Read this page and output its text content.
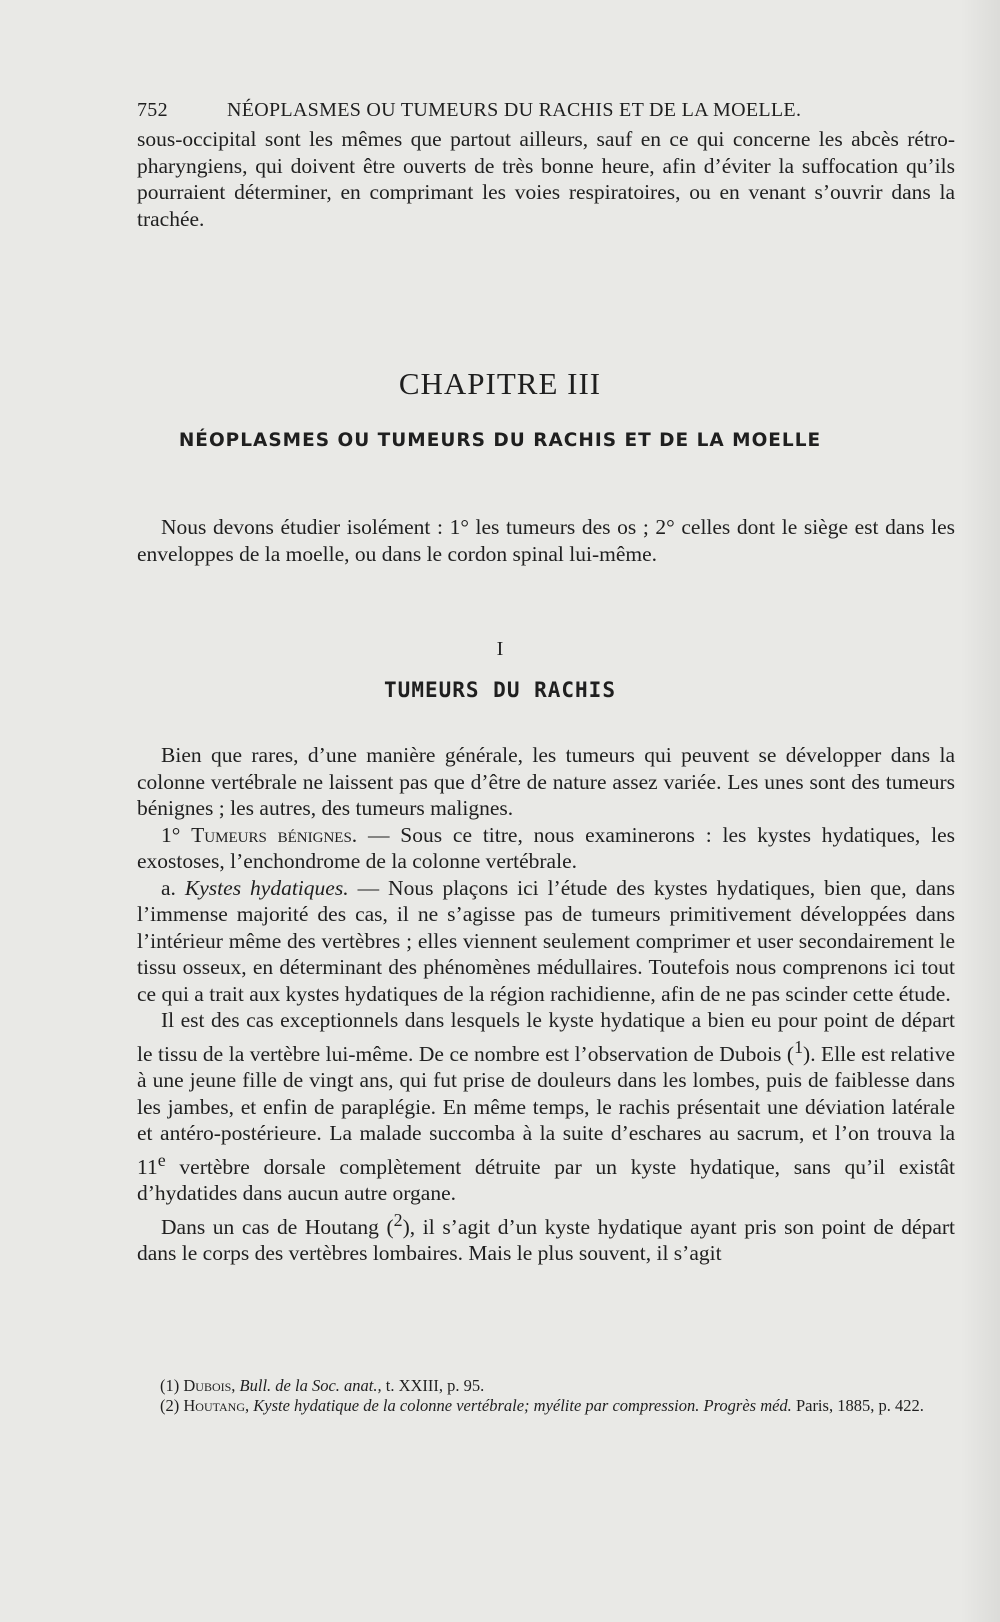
752	NÉOPLASMES OU TUMEURS DU RACHIS ET DE LA MOELLE.

sous-occipital sont les mêmes que partout ailleurs, sauf en ce qui concerne les abcès rétro-pharyngiens, qui doivent être ouverts de très bonne heure, afin d’éviter la suffocation qu’ils pourraient déterminer, en comprimant les voies respiratoires, ou en venant s’ouvrir dans la trachée.

CHAPITRE III
NÉOPLASMES OU TUMEURS DU RACHIS ET DE LA MOELLE

Nous devons étudier isolément : 1° les tumeurs des os ; 2° celles dont le siège est dans les enveloppes de la moelle, ou dans le cordon spinal lui-même.

I
TUMEURS DU RACHIS

Bien que rares, d’une manière générale, les tumeurs qui peuvent se développer dans la colonne vertébrale ne laissent pas que d’être de nature assez variée. Les unes sont des tumeurs bénignes ; les autres, des tumeurs malignes.

1° Tumeurs bénignes. — Sous ce titre, nous examinerons : les kystes hydatiques, les exostoses, l’enchondrome de la colonne vertébrale.

a. Kystes hydatiques. — Nous plaçons ici l’étude des kystes hydatiques, bien que, dans l’immense majorité des cas, il ne s’agisse pas de tumeurs primitivement développées dans l’intérieur même des vertèbres ; elles viennent seulement comprimer et user secondairement le tissu osseux, en déterminant des phénomènes médullaires. Toutefois nous comprenons ici tout ce qui a trait aux kystes hydatiques de la région rachidienne, afin de ne pas scinder cette étude.

Il est des cas exceptionnels dans lesquels le kyste hydatique a bien eu pour point de départ le tissu de la vertèbre lui-même. De ce nombre est l’observation de Dubois ($^1$). Elle est relative à une jeune fille de vingt ans, qui fut prise de douleurs dans les lombes, puis de faiblesse dans les jambes, et enfin de paraplégie. En même temps, le rachis présentait une déviation latérale et antéro-postérieure. La malade succomba à la suite d’eschares au sacrum, et l’on trouva la 11e vertèbre dorsale complètement détruite par un kyste hydatique, sans qu’il existât d’hydatides dans aucun autre organe.

Dans un cas de Houtang ($^2$), il s’agit d’un kyste hydatique ayant pris son point de départ dans le corps des vertèbres lombaires. Mais le plus souvent, il s’agit

(1) Dubois, Bull. de la Soc. anat., t. XXIII, p. 95.

(2) Houtang, Kyste hydatique de la colonne vertébrale; myélite par compression. Progrès méd. Paris, 1885, p. 422.
